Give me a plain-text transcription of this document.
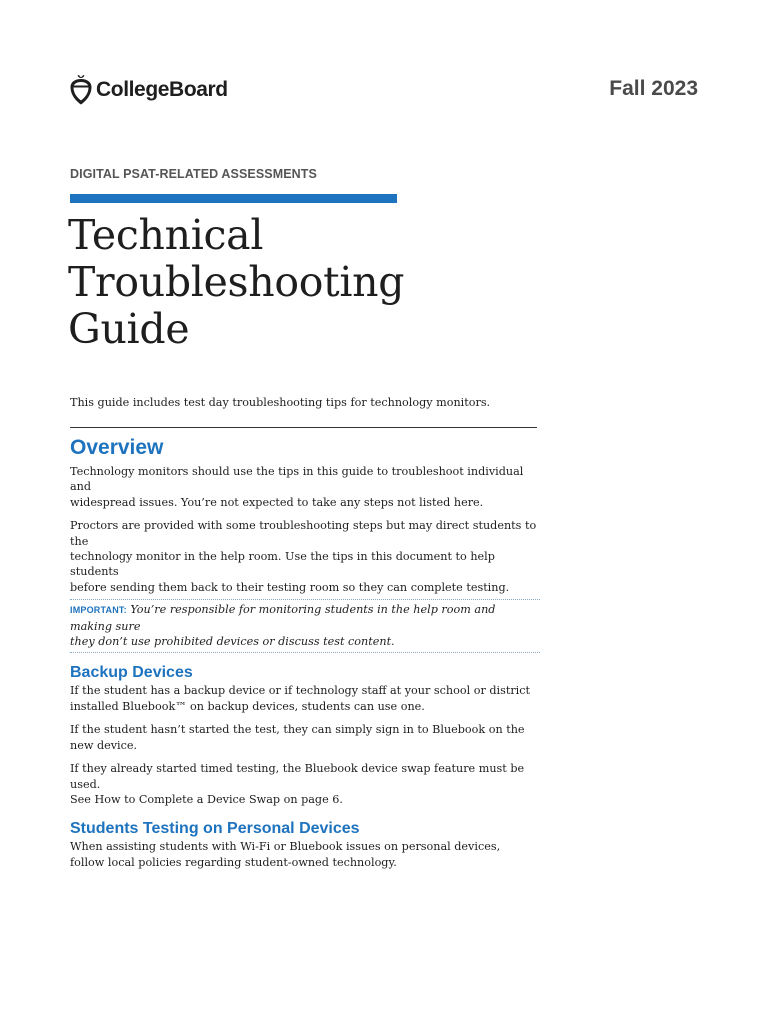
CollegeBoard	Fall 2023
DIGITAL PSAT-RELATED ASSESSMENTS
Technical
Troubleshooting
Guide

This guide includes test day troubleshooting tips for technology monitors.

Overview

Technology monitors should use the tips in this guide to troubleshoot individual and
widespread issues. You’re not expected to take any steps not listed here.

Proctors are provided with some troubleshooting steps but may direct students to the
technology monitor in the help room. Use the tips in this document to help students
before sending them back to their testing room so they can complete testing.

IMPORTANT: You’re responsible for monitoring students in the help room and making sure
they don’t use prohibited devices or discuss test content.
Backup Devices

If the student has a backup device or if technology staff at your school or district
installed Bluebook™ on backup devices, students can use one.

If the student hasn’t started the test, they can simply sign in to Bluebook on the
new device.

If they already started timed testing, the Bluebook device swap feature must be used.
See How to Complete a Device Swap on page 6.

Students Testing on Personal Devices

When assisting students with Wi-Fi or Bluebook issues on personal devices,
follow local policies regarding student-owned technology.
